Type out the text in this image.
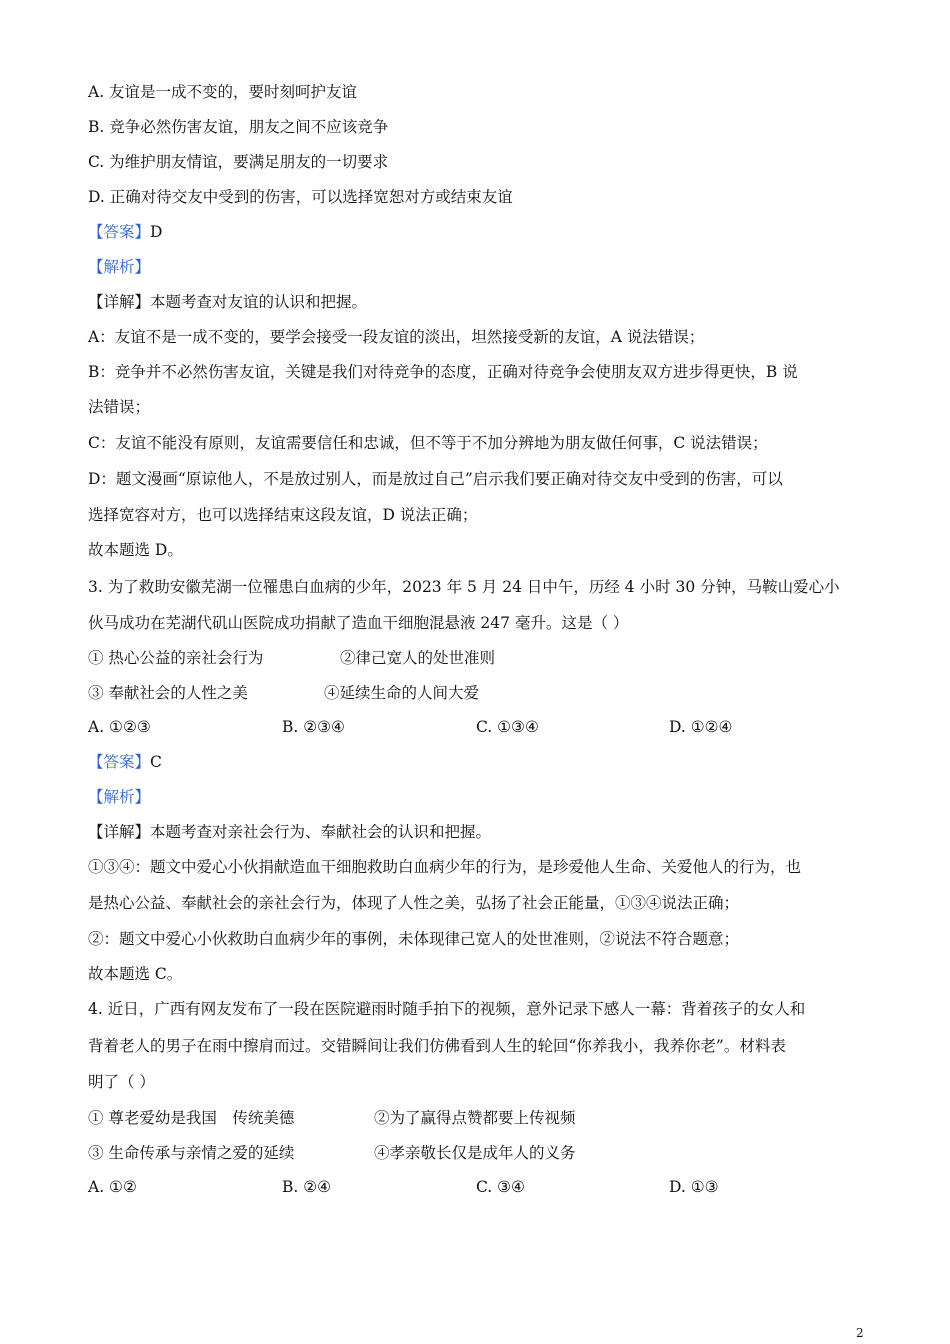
A. 友谊是一成不变的，要时刻呵护友谊
B. 竞争必然伤害友谊，朋友之间不应该竞争
C. 为维护朋友情谊，要满足朋友的一切要求
D. 正确对待交友中受到的伤害，可以选择宽恕对方或结束友谊
【答案】D
【解析】
【详解】本题考查对友谊的认识和把握。
A：友谊不是一成不变的，要学会接受一段友谊的淡出，坦然接受新的友谊，A 说法错误；
B：竞争并不必然伤害友谊，关键是我们对待竞争的态度，正确对待竞争会使朋友双方进步得更快，B 说
法错误；
C：友谊不能没有原则，友谊需要信任和忠诚，但不等于不加分辨地为朋友做任何事，C 说法错误；
D：题文漫画“原谅他人，不是放过别人，而是放过自己”启示我们要正确对待交友中受到的伤害，可以
选择宽容对方，也可以选择结束这段友谊，D 说法正确；
故本题选 D。
3. 为了救助安徽芜湖一位罹患白血病的少年，2023 年 5 月 24 日中午，历经 4 小时 30 分钟，马鞍山爱心小
伙马成功在芜湖代矶山医院成功捐献了造血干细胞混悬液 247 毫升。这是（ ）
① 热心公益的亲社会行为	②律己宽人的处世准则
③ 奉献社会的人性之美	④延续生命的人间大爱
A. ①②③	B. ②③④	C. ①③④	D. ①②④
【答案】C
【解析】
【详解】本题考查对亲社会行为、奉献社会的认识和把握。
①③④：题文中爱心小伙捐献造血干细胞救助白血病少年的行为，是珍爱他人生命、关爱他人的行为，也
是热心公益、奉献社会的亲社会行为，体现了人性之美，弘扬了社会正能量，①③④说法正确；
②：题文中爱心小伙救助白血病少年的事例，未体现律己宽人的处世准则，②说法不符合题意；
故本题选 C。
4. 近日，广西有网友发布了一段在医院避雨时随手拍下的视频，意外记录下感人一幕：背着孩子的女人和
背着老人的男子在雨中擦肩而过。交错瞬间让我们仿佛看到人生的轮回“你养我小，我养你老”。材料表
明了（ ）
① 尊老爱幼是我国　传统美德	②为了赢得点赞都要上传视频
③ 生命传承与亲情之爱的延续	④孝亲敬长仅是成年人的义务
A. ①②	B. ②④	C. ③④	D. ①③
2
